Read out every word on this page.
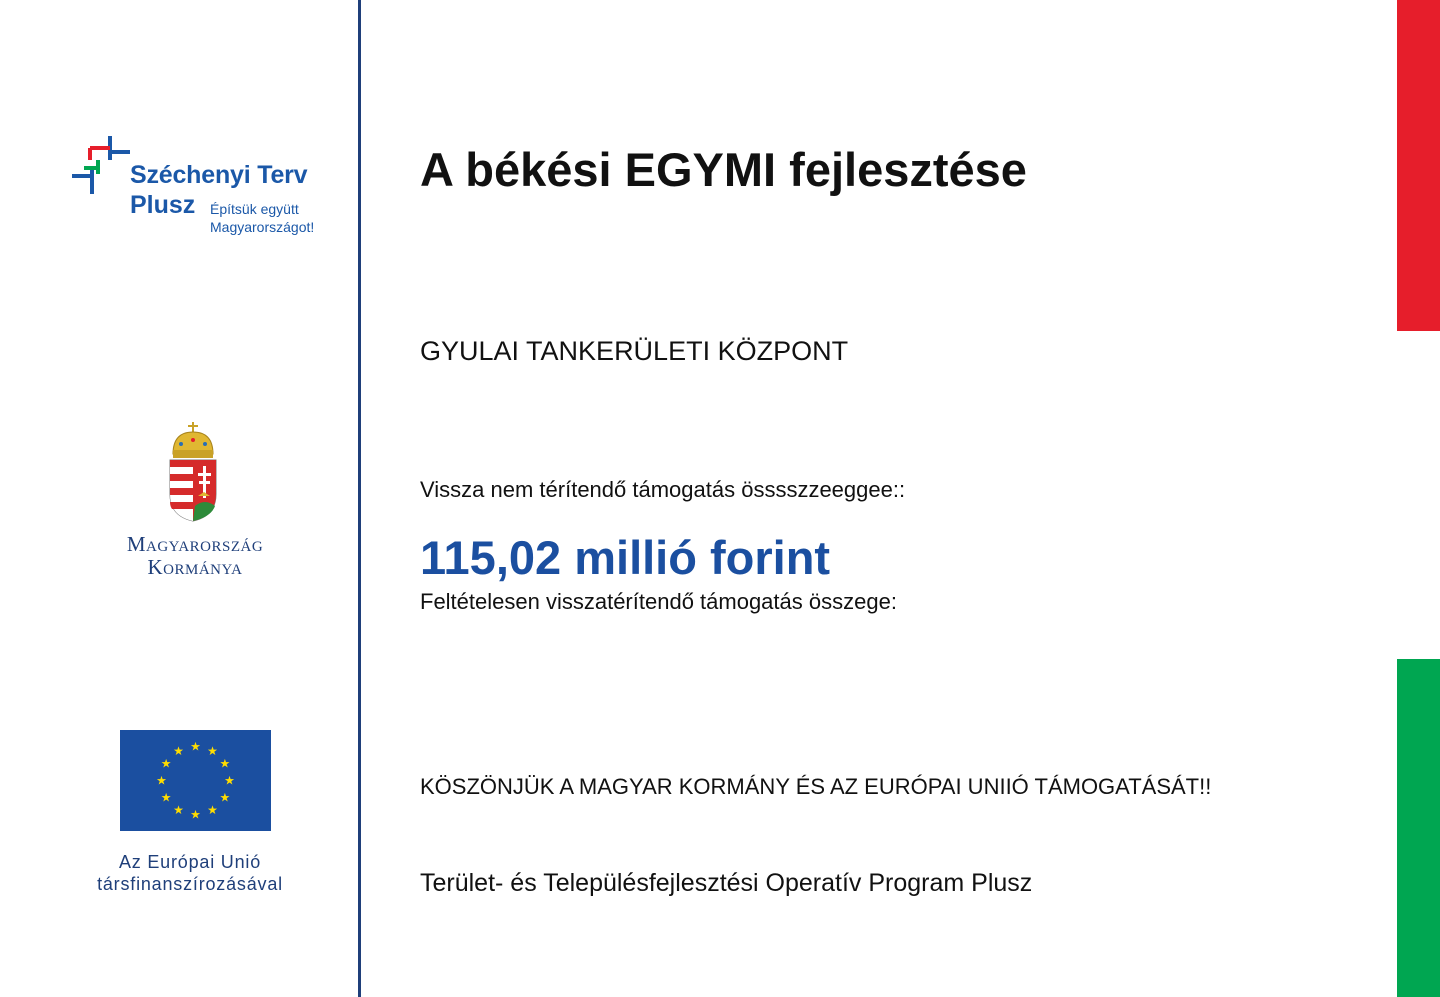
Széchenyi Terv
Plusz Építsük együtt
Magyarországot!
Magyarország
Kormánya
★ ★
★
★
★
★
★
★
★
★
★
★
Az Európai Unió
társfinanszírozásával
A békési EGYMI fejlesztése
GYULAI TANKERÜLETI KÖZPONT
Vissza nem térítendő támogatás össsszzeeggee::
115,02 millió forint
Feltételesen visszatérítendő támogatás összege:
KÖSZÖNJÜK A MAGYAR KORMÁNY ÉS AZ EURÓPAI UNIIÓ TÁMOGATÁSÁT!!
Terület- és Településfejlesztési Operatív Program Plusz
